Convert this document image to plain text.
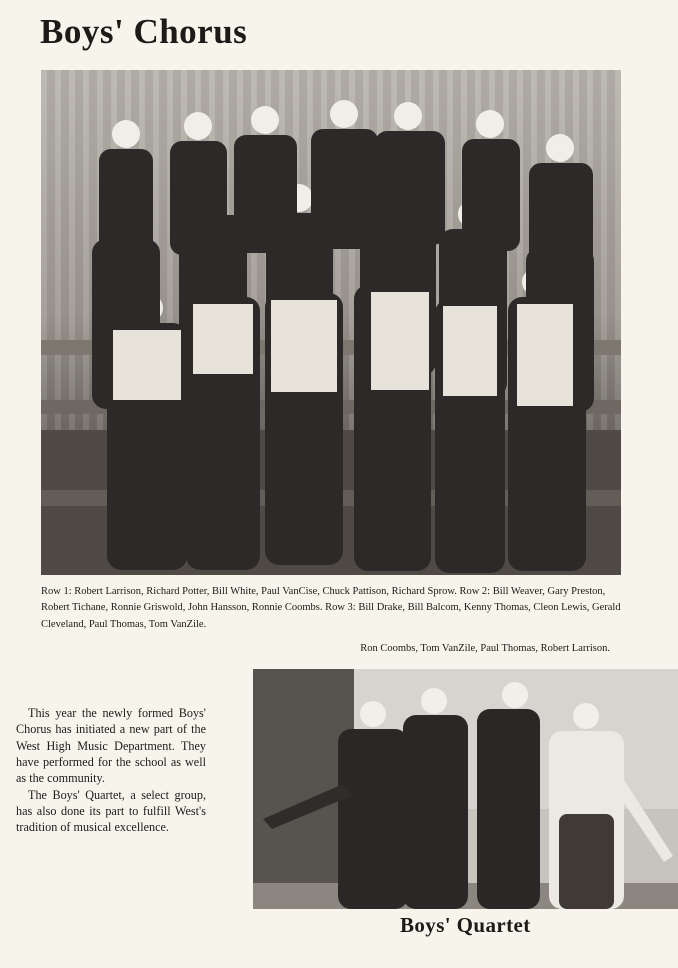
Boys' Chorus

Row 1: Robert Larrison, Richard Potter, Bill White, Paul VanCise, Chuck Pattison, Richard Sprow. Row 2: Bill Weaver, Gary Preston, Robert Tichane, Ronnie Griswold, John Hansson, Ronnie Coombs. Row 3: Bill Drake, Bill Balcom, Kenny Thomas, Cleon Lewis, Gerald Cleveland, Paul Thomas, Tom VanZile.

Ron Coombs, Tom VanZile, Paul Thomas, Robert Larrison.

This year the newly formed Boys' Chorus has initiated a new part of the West High Music Department. They have performed for the school as well as the community.

The Boys' Quartet, a select group, has also done its part to fulfill West's tradition of musical excellence.

Boys' Quartet
